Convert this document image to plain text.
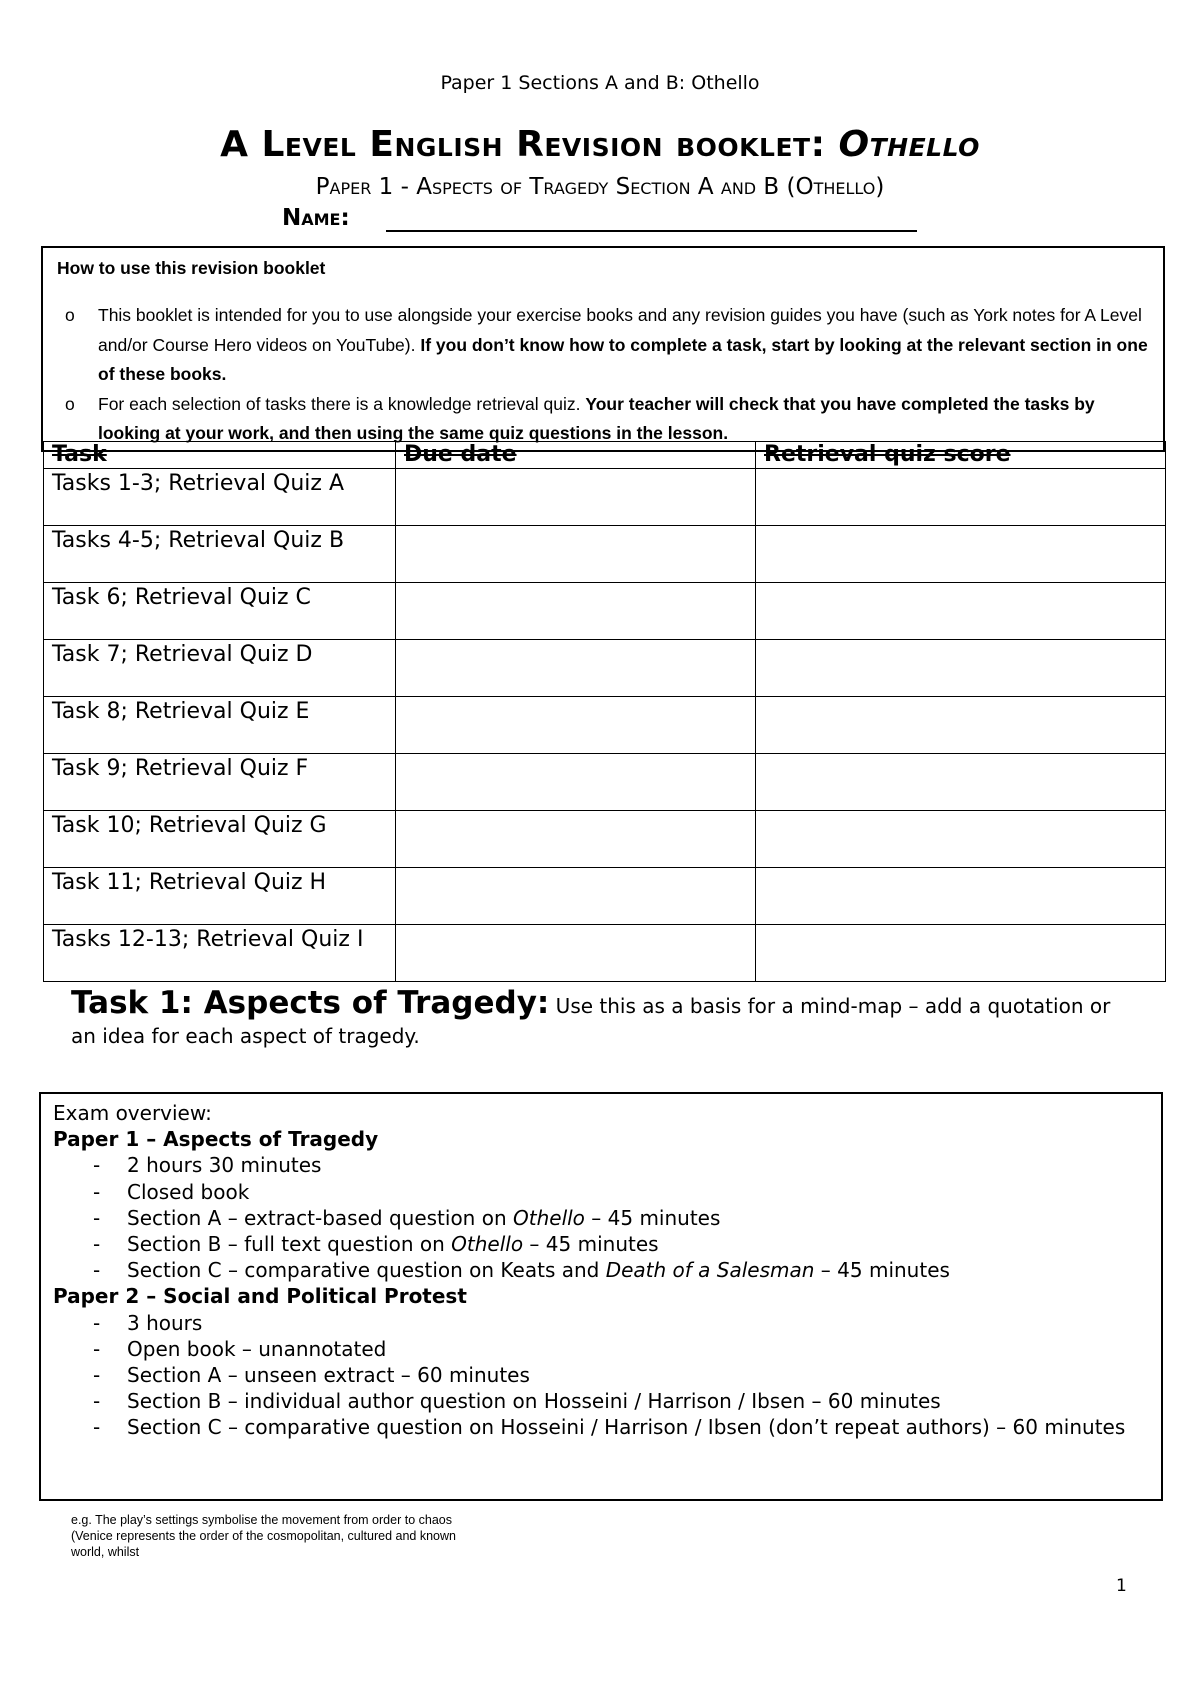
Paper 1 Sections A and B: Othello
A Level English Revision booklet: Othello
Paper 1 - Aspects of Tragedy Section A and B (Othello)
Name:
How to use this revision booklet
o This booklet is intended for you to use alongside your exercise books and any revision guides you have (such as York notes for A Level and/or Course Hero videos on YouTube). If you don’t know how to complete a task, start by looking at the relevant section in one of these books.
o For each selection of tasks there is a knowledge retrieval quiz. Your teacher will check that you have completed the tasks by looking at your work, and then using the same quiz questions in the lesson.
Task	Due date	Retrieval quiz score
Tasks 1-3; Retrieval Quiz A		
Tasks 4-5; Retrieval Quiz B		
Task 6; Retrieval Quiz C		
Task 7; Retrieval Quiz D		
Task 8; Retrieval Quiz E		
Task 9; Retrieval Quiz F		
Task 10; Retrieval Quiz G		
Task 11; Retrieval Quiz H		
Tasks 12-13; Retrieval Quiz I		
Task 1: Aspects of Tragedy: Use this as a basis for a mind-map – add a quotation or an idea for each aspect of tragedy.
Exam overview:
Paper 1 – Aspects of Tragedy
- 2 hours 30 minutes
- Closed book
- Section A – extract-based question on Othello – 45 minutes
- Section B – full text question on Othello – 45 minutes
- Section C – comparative question on Keats and Death of a Salesman – 45 minutes
Paper 2 – Social and Political Protest
- 3 hours
- Open book – unannotated
- Section A – unseen extract – 60 minutes
- Section B – individual author question on Hosseini / Harrison / Ibsen – 60 minutes
- Section C – comparative question on Hosseini / Harrison / Ibsen (don’t repeat authors) – 60 minutes
e.g. The play’s settings symbolise the movement from order to chaos (Venice represents the order of the cosmopolitan, cultured and known world, whilst
1
